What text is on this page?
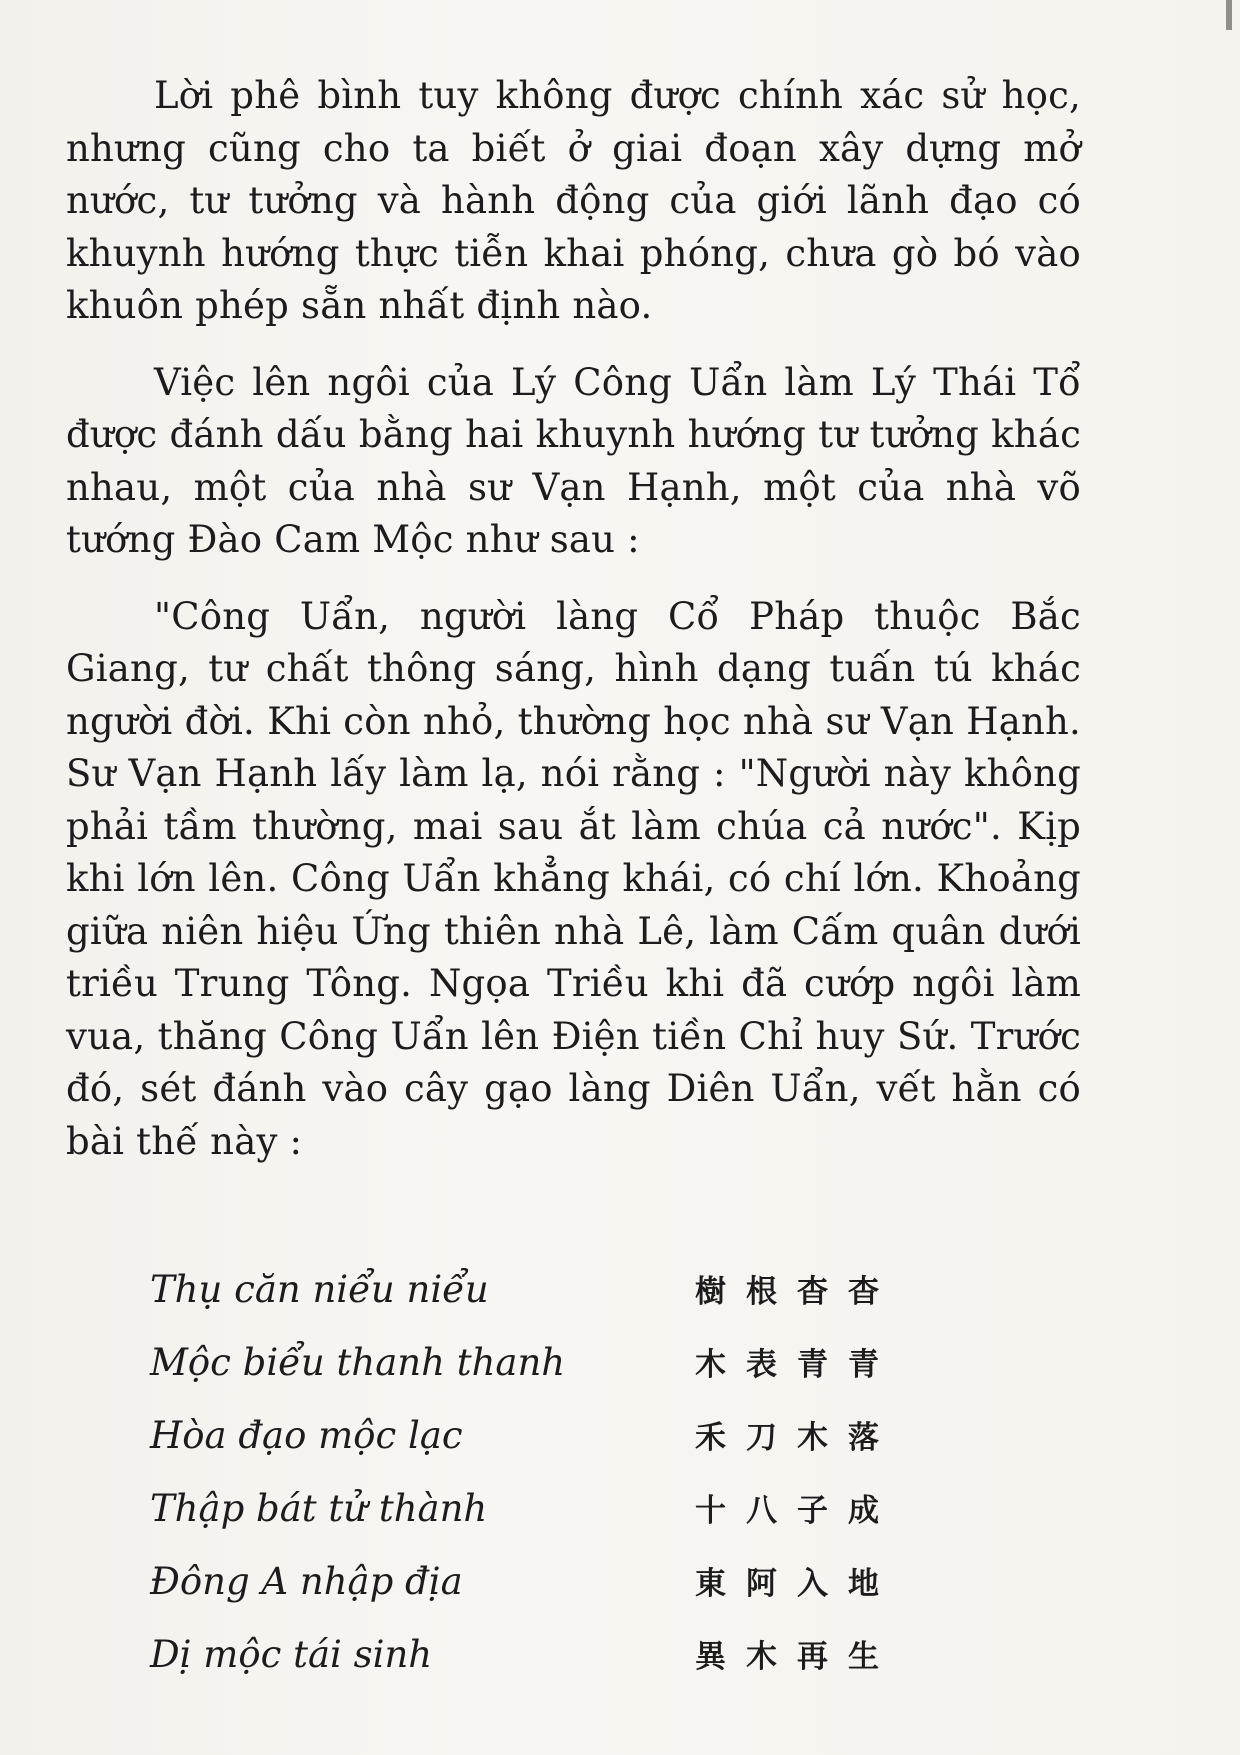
Lời phê bình tuy không được chính xác sử học, nhưng cũng cho ta biết ở giai đoạn xây dựng mở nước, tư tưởng và hành động của giới lãnh đạo có khuynh hướng thực tiễn khai phóng, chưa gò bó vào khuôn phép sẵn nhất định nào.

Việc lên ngôi của Lý Công Uẩn làm Lý Thái Tổ được đánh dấu bằng hai khuynh hướng tư tưởng khác nhau, một của nhà sư Vạn Hạnh, một của nhà võ tướng Đào Cam Mộc như sau :

"Công Uẩn, người làng Cổ Pháp thuộc Bắc Giang, tư chất thông sáng, hình dạng tuấn tú khác người đời. Khi còn nhỏ, thường học nhà sư Vạn Hạnh. Sư Vạn Hạnh lấy làm lạ, nói rằng : "Người này không phải tầm thường, mai sau ắt làm chúa cả nước". Kịp khi lớn lên. Công Uẩn khẳng khái, có chí lớn. Khoảng giữa niên hiệu Ứng thiên nhà Lê, làm Cấm quân dưới triều Trung Tông. Ngọa Triều khi đã cướp ngôi làm vua, thăng Công Uẩn lên Điện tiền Chỉ huy Sứ. Trước đó, sét đánh vào cây gạo làng Diên Uẩn, vết hằn có bài thế này :

Thụ căn niểu niểu	樹根杳杳
Mộc biểu thanh thanh	木表青青
Hòa đạo mộc lạc	禾刀木落
Thập bát tử thành	十八子成
Đông A nhập địa	東阿入地
Dị mộc tái sinh	異木再生
